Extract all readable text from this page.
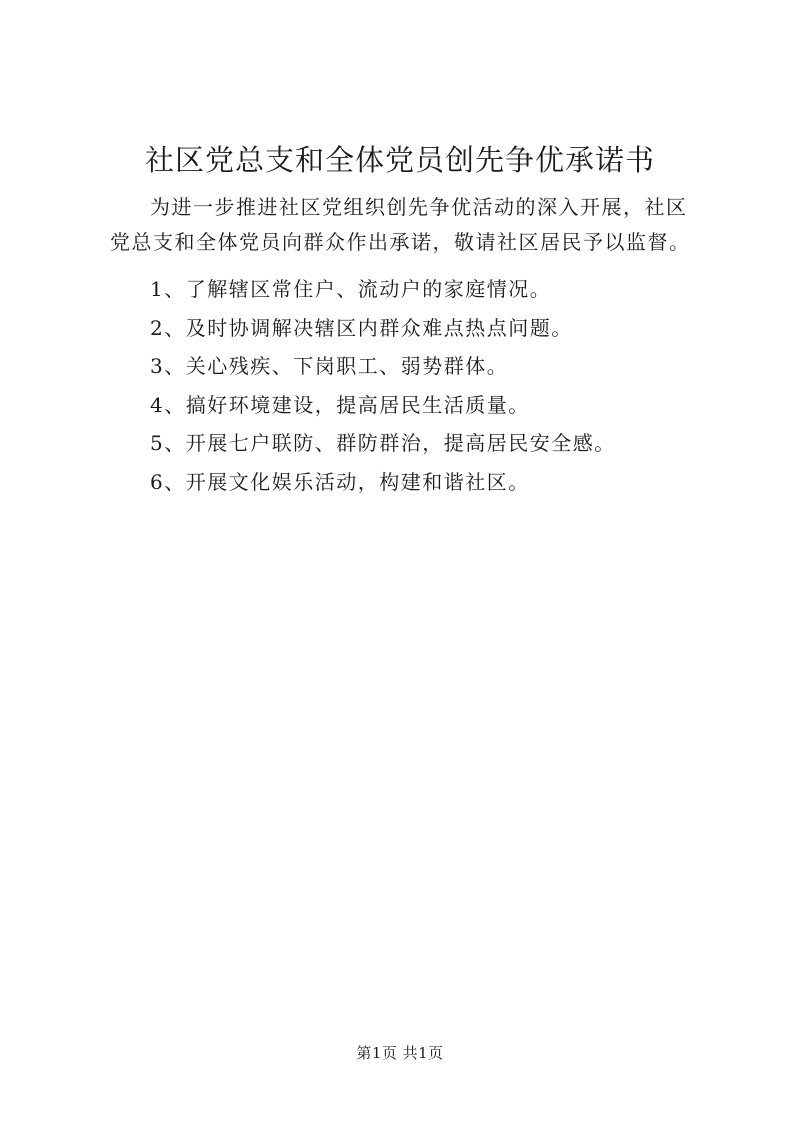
社区党总支和全体党员创先争优承诺书

为进一步推进社区党组织创先争优活动的深入开展，社区党总支和全体党员向群众作出承诺，敬请社区居民予以监督。

1、了解辖区常住户、流动户的家庭情况。

2、及时协调解决辖区内群众难点热点问题。

3、关心残疾、下岗职工、弱势群体。

4、搞好环境建设，提高居民生活质量。

5、开展七户联防、群防群治，提高居民安全感。

6、开展文化娱乐活动，构建和谐社区。

第1页 共1页
